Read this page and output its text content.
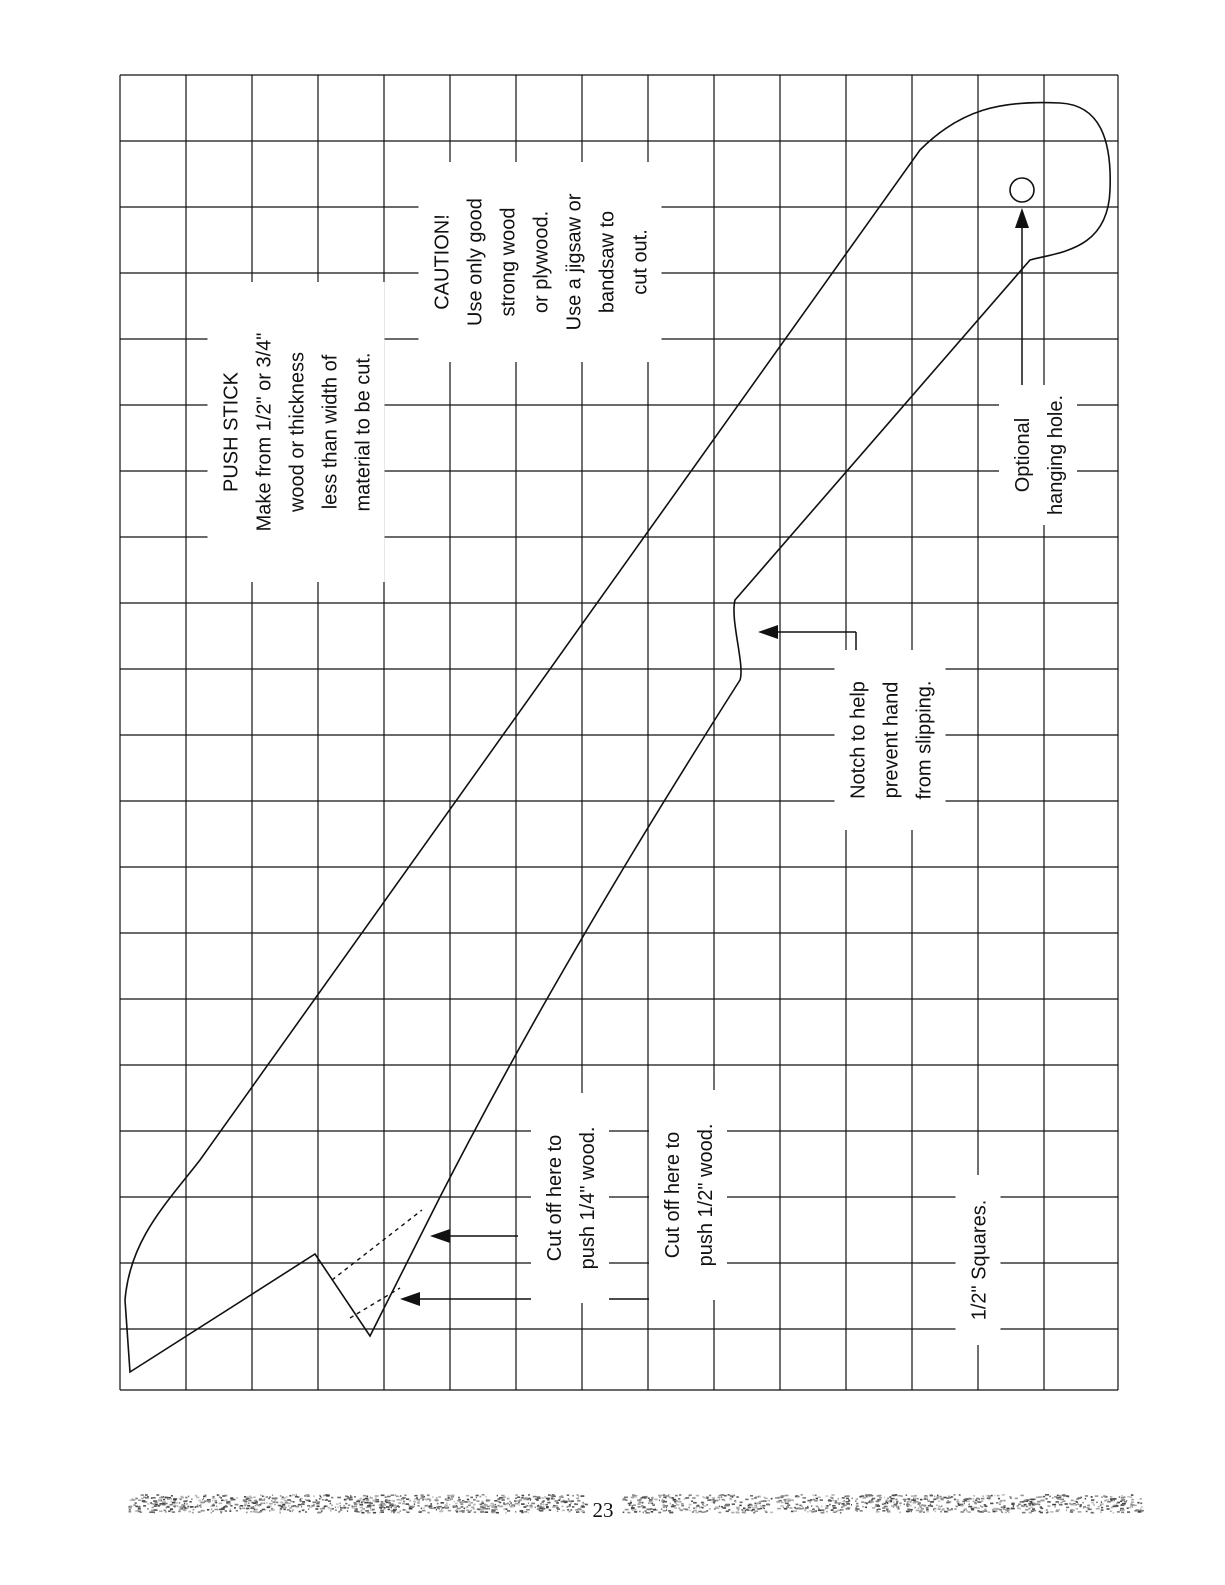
PUSH STICK Make from 1/2" or 3/4" wood or thickness less than width of material to be cut.
CAUTION! Use only good strong wood or plywood. Use a jigsaw or bandsaw to cut out.
Optional hanging hole.
Notch to help prevent hand from slipping.
Cut off here to push 1/4" wood.	Cut off here to push 1/2" wood.	1/2" Squares.
23
